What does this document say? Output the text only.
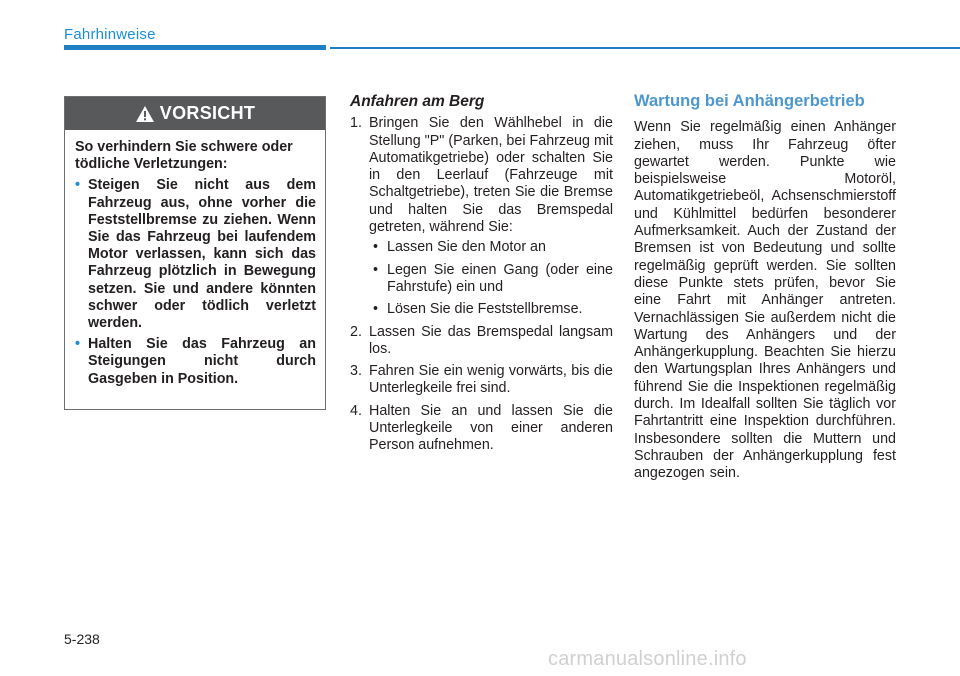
Fahrhinweise
VORSICHT
So verhindern Sie schwere oder tödliche Verletzungen:
• Steigen Sie nicht aus dem Fahrzeug aus, ohne vorher die Feststellbremse zu ziehen. Wenn Sie das Fahrzeug bei laufendem Motor verlassen, kann sich das Fahrzeug plötzlich in Bewegung setzen. Sie und andere könnten schwer oder tödlich verletzt werden.
• Halten Sie das Fahrzeug an Steigungen nicht durch Gasgeben in Position.
Anfahren am Berg
1. Bringen Sie den Wählhebel in die Stellung "P" (Parken, bei Fahrzeug mit Automatikgetriebe) oder schalten Sie in den Leerlauf (Fahrzeuge mit Schaltgetriebe), treten Sie die Bremse und halten Sie das Bremspedal getreten, während Sie:
• Lassen Sie den Motor an
• Legen Sie einen Gang (oder eine Fahrstufe) ein und
• Lösen Sie die Feststellbremse.
2. Lassen Sie das Bremspedal langsam los.
3. Fahren Sie ein wenig vorwärts, bis die Unterlegkeile frei sind.
4. Halten Sie an und lassen Sie die Unterlegkeile von einer anderen Person aufnehmen.
Wartung bei Anhängerbetrieb
Wenn Sie regelmäßig einen Anhänger ziehen, muss Ihr Fahrzeug öfter gewartet werden. Punkte wie beispielsweise Motoröl, Automatikgetriebeöl, Achsenschmierstoff und Kühlmittel bedürfen besonderer Aufmerksamkeit. Auch der Zustand der Bremsen ist von Bedeutung und sollte regelmäßig geprüft werden. Sie sollten diese Punkte stets prüfen, bevor Sie eine Fahrt mit Anhänger antreten. Vernachlässigen Sie außerdem nicht die Wartung des Anhängers und der Anhängerkupplung. Beachten Sie hierzu den Wartungsplan Ihres Anhängers und führend Sie die Inspektionen regelmäßig durch. Im Idealfall sollten Sie täglich vor Fahrtantritt eine Inspektion durchführen. Insbesondere sollten die Muttern und Schrauben der Anhängerkupplung fest angezogen sein.
5-238
carmanualsonline.info
